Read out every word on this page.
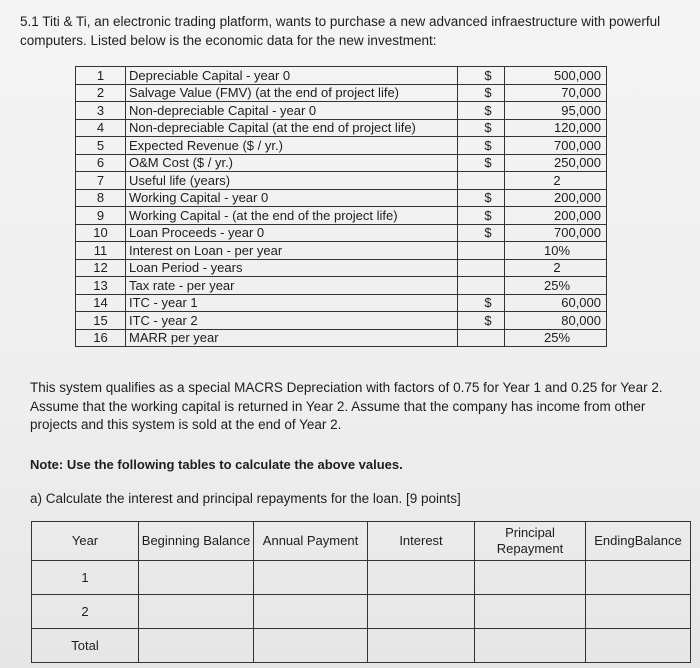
5.1 Titi & Ti, an electronic trading platform, wants to purchase a new advanced infraestructure with powerful computers. Listed below is the economic data for the new investment:
1	Depreciable Capital - year 0	$	500,000
2	Salvage Value (FMV) (at the end of project life)	$	70,000
3	Non-depreciable Capital - year 0	$	95,000
4	Non-depreciable Capital (at the end of project life)	$	120,000
5	Expected Revenue ($ / yr.)	$	700,000
6	O&M Cost ($ / yr.)	$	250,000
7	Useful life (years)		2
8	Working Capital - year 0	$	200,000
9	Working Capital - (at the end of the project life)	$	200,000
10	Loan Proceeds - year 0	$	700,000
11	Interest on Loan - per year		10%
12	Loan Period - years		2
13	Tax rate - per year		25%
14	ITC - year 1	$	60,000
15	ITC - year 2	$	80,000
16	MARR per year		25%
This system qualifies as a special MACRS Depreciation with factors of 0.75 for Year 1 and 0.25 for Year 2. Assume that the working capital is returned in Year 2. Assume that the company has income from other projects and this system is sold at the end of Year 2.
Note: Use the following tables to calculate the above values.
a) Calculate the interest and principal repayments for the loan. [9 points]
Year	Beginning Balance	Annual Payment	Interest	Principal Repayment	EndingBalance
1					
2					
Total					
